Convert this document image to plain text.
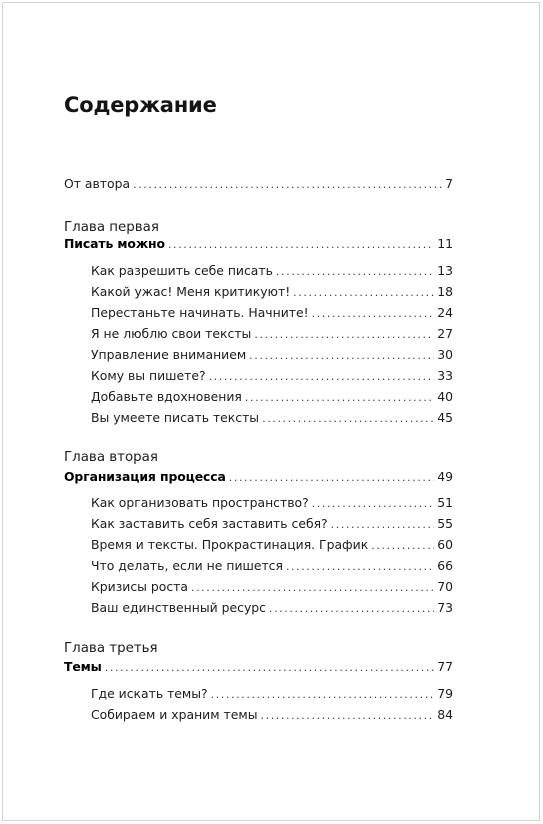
Содержание
От автора .....	7
Глава первая
Писать можно .....	11
Как разрешить себе писать .....	13
Какой ужас! Меня критикуют! .....	18
Перестаньте начинать. Начните! .....	24
Я не люблю свои тексты .....	27
Управление вниманием .....	30
Кому вы пишете? .....	33
Добавьте вдохновения .....	40
Вы умеете писать тексты .....	45
Глава вторая
Организация процесса .....	49
Как организовать пространство? .....	51
Как заставить себя заставить себя? .....	55
Время и тексты. Прокрастинация. График .....	60
Что делать, если не пишется .....	66
Кризисы роста .....	70
Ваш единственный ресурс .....	73
Глава третья
Темы .....	77
Где искать темы? .....	79
Собираем и храним темы .....	84
